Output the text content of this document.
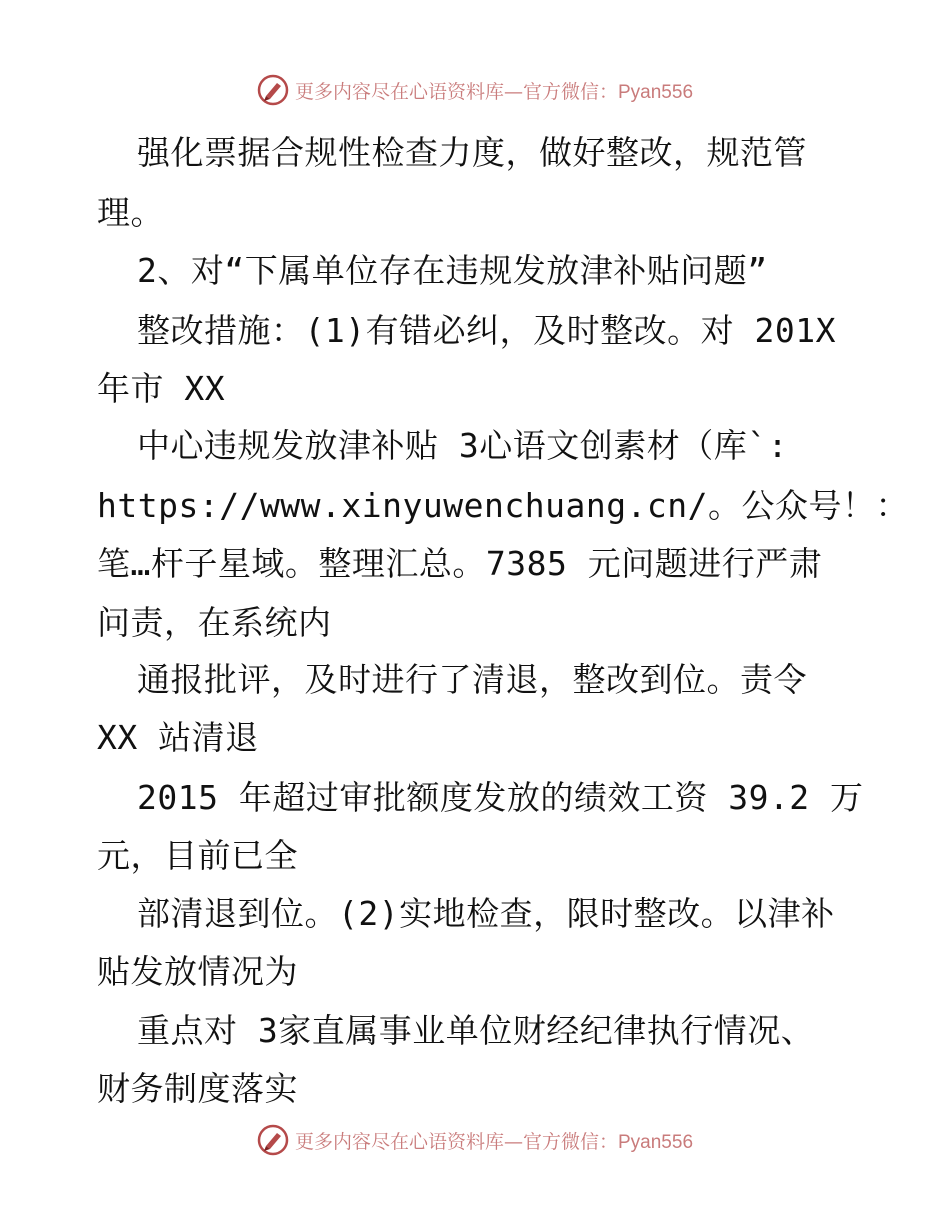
更多内容尽在心语资料库—官方微信：Pyan556
强化票据合规性检查力度，做好整改，规范管
理。
2、对“下属单位存在违规发放津补贴问题”
整改措施：(1)有错必纠，及时整改。对 201X
年市 XX
中心违规发放津补贴 3心语文创素材（库`:
https://www.xinyuwenchuang.cn/。公众号！：
笔…杆子星域。整理汇总。7385 元问题进行严肃
问责，在系统内
通报批评，及时进行了清退，整改到位。责令
XX 站清退
2015 年超过审批额度发放的绩效工资 39.2 万
元，目前已全
部清退到位。(2)实地检查，限时整改。以津补
贴发放情况为
重点对 3家直属事业单位财经纪律执行情况、
财务制度落实
更多内容尽在心语资料库—官方微信：Pyan556
